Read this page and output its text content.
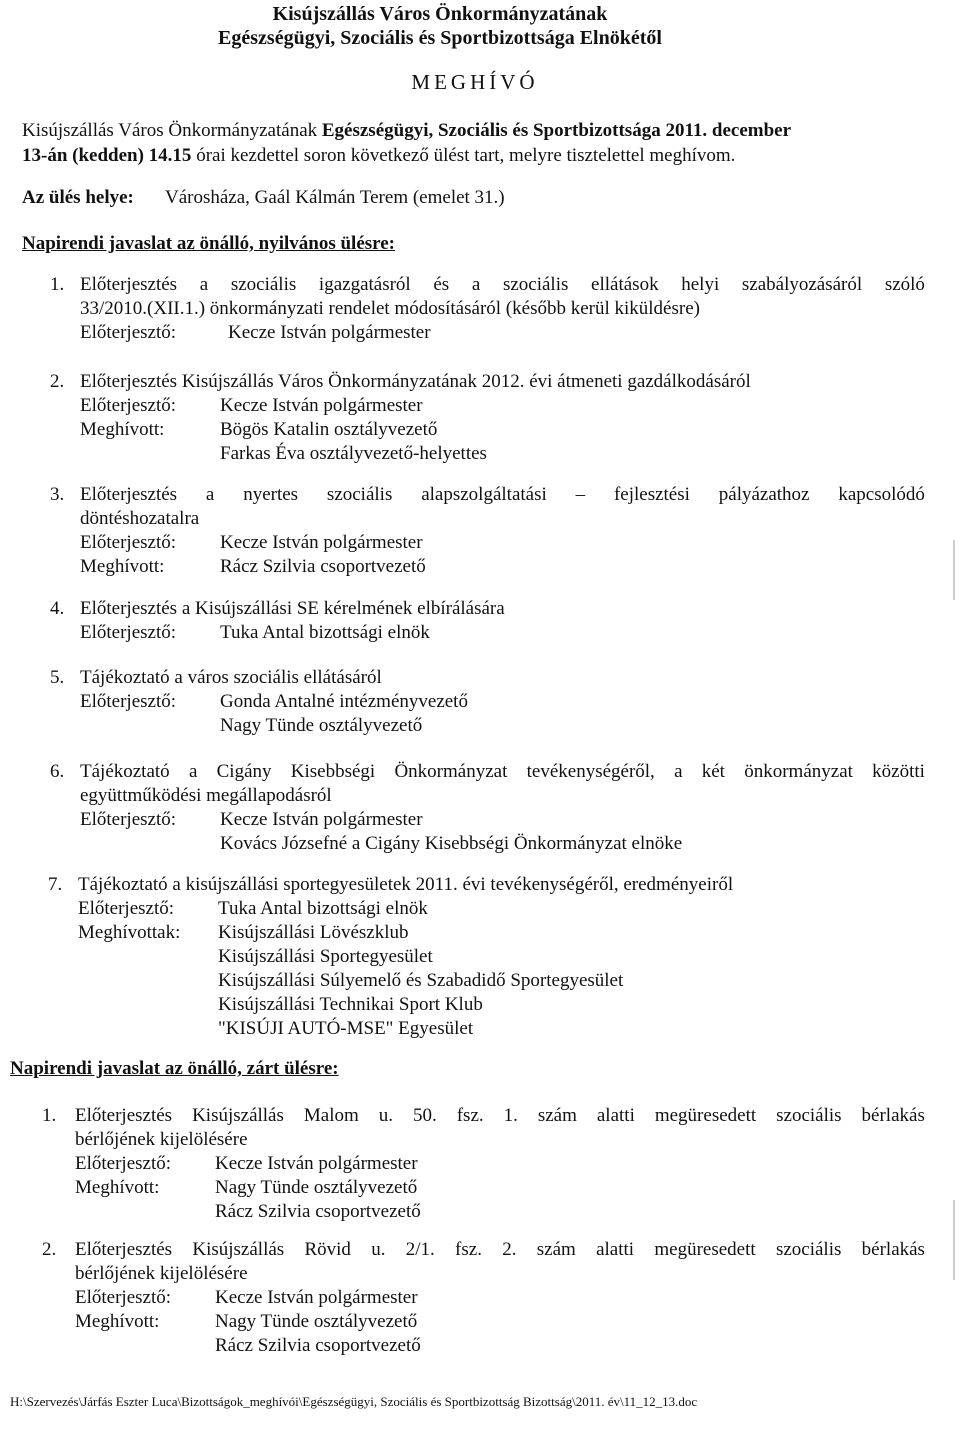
Kisújszállás Város Önkormányzatának
Egészségügyi, Szociális és Sportbizottsága Elnökétől
MEGHÍVÓ
Kisújszállás Város Önkormányzatának Egészségügyi, Szociális és Sportbizottsága 2011. december
13-án (kedden) 14.15 órai kezdettel soron következő ülést tart, melyre tisztelettel meghívom.
Az ülés helye: Városháza, Gaál Kálmán Terem (emelet 31.)
Napirendi javaslat az önálló, nyilvános ülésre:
1. Előterjesztés a szociális igazgatásról és a szociális ellátások helyi szabályozásáról szóló
33/2010.(XII.1.) önkormányzati rendelet módosításáról (később kerül kiküldésre)
Előterjesztő:	Kecze István polgármester
2. Előterjesztés Kisújszállás Város Önkormányzatának 2012. évi átmeneti gazdálkodásáról
Előterjesztő: Kecze István polgármester
Meghívott:	Bögös Katalin osztályvezető
Farkas Éva osztályvezető-helyettes
3. Előterjesztés a nyertes szociális alapszolgáltatási – fejlesztési pályázathoz kapcsolódó
döntéshozatalra
Előterjesztő: Kecze István polgármester
Meghívott:	Rácz Szilvia csoportvezető
4. Előterjesztés a Kisújszállási SE kérelmének elbírálására
Előterjesztő: Tuka Antal bizottsági elnök
5. Tájékoztató a város szociális ellátásáról
Előterjesztő: Gonda Antalné intézményvezető
Nagy Tünde osztályvezető
6. Tájékoztató a Cigány Kisebbségi Önkormányzat tevékenységéről, a két önkormányzat közötti
együttműködési megállapodásról
Előterjesztő: Kecze István polgármester
Kovács Józsefné a Cigány Kisebbségi Önkormányzat elnöke
7. Tájékoztató a kisújszállási sportegyesületek 2011. évi tevékenységéről, eredményeiről
Előterjesztő: Tuka Antal bizottsági elnök
Meghívottak: Kisújszállási Lövészklub
Kisújszállási Sportegyesület
Kisújszállási Súlyemelő és Szabadidő Sportegyesület
Kisújszállási Technikai Sport Klub
"KISÚJI AUTÓ-MSE" Egyesület
Napirendi javaslat az önálló, zárt ülésre:
1. Előterjesztés Kisújszállás Malom u. 50. fsz. 1. szám alatti megüresedett szociális bérlakás
bérlőjének kijelölésére
Előterjesztő: Kecze István polgármester
Meghívott:	Nagy Tünde osztályvezető
Rácz Szilvia csoportvezető
2. Előterjesztés Kisújszállás Rövid u. 2/1. fsz. 2. szám alatti megüresedett szociális bérlakás
bérlőjének kijelölésére
Előterjesztő: Kecze István polgármester
Meghívott:	Nagy Tünde osztályvezető
Rácz Szilvia csoportvezető
H:\Szervezés\Járfás Eszter Luca\Bizottságok_meghívói\Egészségügyi, Szociális és Sportbizottság Bizottság\2011. év\11_12_13.doc
